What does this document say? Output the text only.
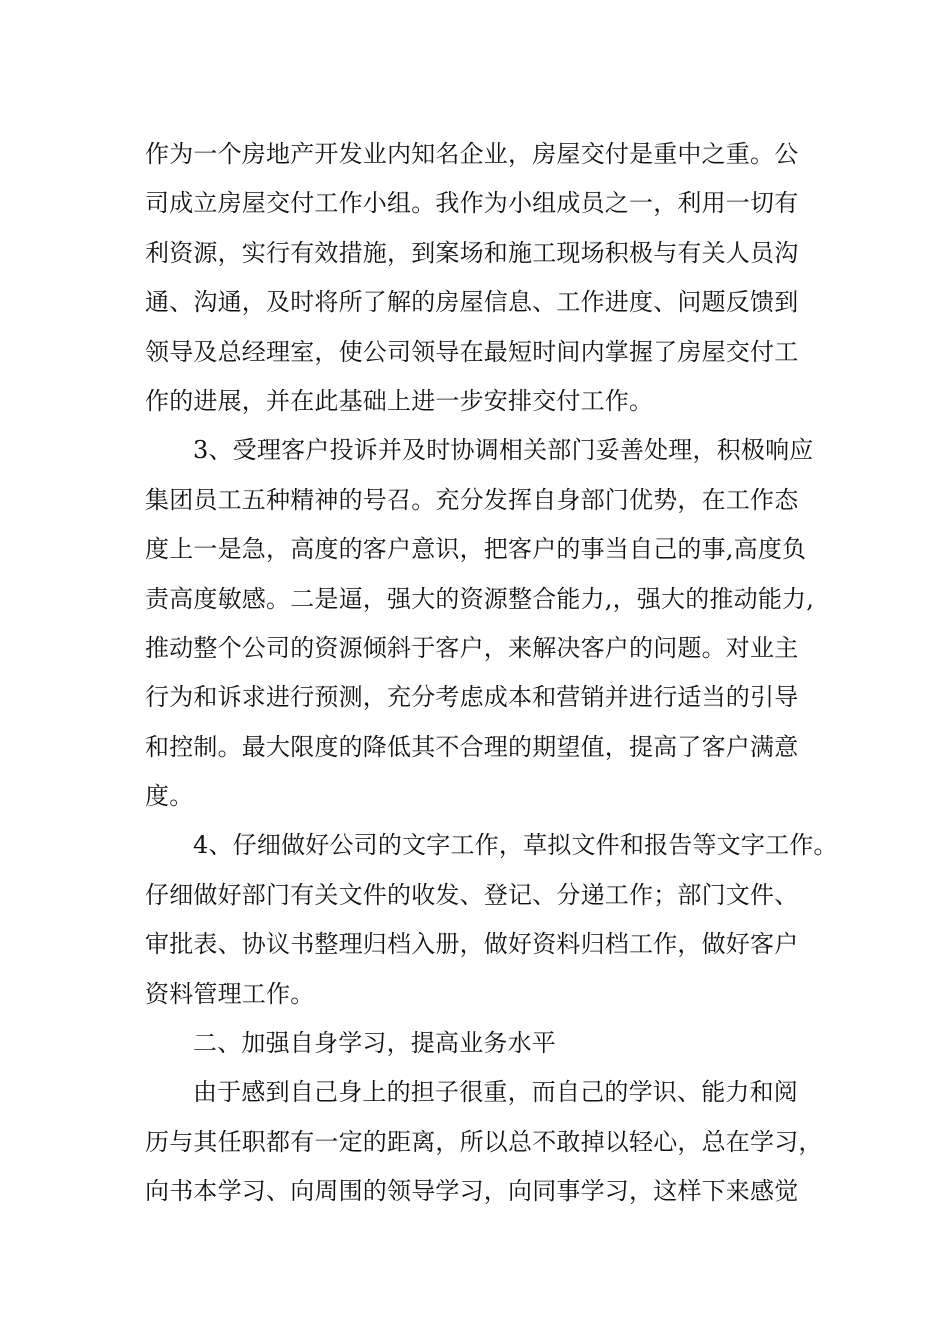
作为一个房地产开发业内知名企业，房屋交付是重中之重。公
司成立房屋交付工作小组。我作为小组成员之一，利用一切有
利资源，实行有效措施，到案场和施工现场积极与有关人员沟
通、沟通，及时将所了解的房屋信息、工作进度、问题反馈到
领导及总经理室，使公司领导在最短时间内掌握了房屋交付工
作的进展，并在此基础上进一步安排交付工作。
3、受理客户投诉并及时协调相关部门妥善处理，积极响应
集团员工五种精神的号召。充分发挥自身部门优势，在工作态
度上一是急，高度的客户意识，把客户的事当自己的事,高度负
责高度敏感。二是逼，强大的资源整合能力,，强大的推动能力,
推动整个公司的资源倾斜于客户，来解决客户的问题。对业主
行为和诉求进行预测，充分考虑成本和营销并进行适当的引导
和控制。最大限度的降低其不合理的期望值，提高了客户满意
度。
4、仔细做好公司的文字工作，草拟文件和报告等文字工作。
仔细做好部门有关文件的收发、登记、分递工作；部门文件、
审批表、协议书整理归档入册，做好资料归档工作，做好客户
资料管理工作。
二、加强自身学习，提高业务水平
由于感到自己身上的担子很重，而自己的学识、能力和阅
历与其任职都有一定的距离，所以总不敢掉以轻心，总在学习，
向书本学习、向周围的领导学习，向同事学习，这样下来感觉
